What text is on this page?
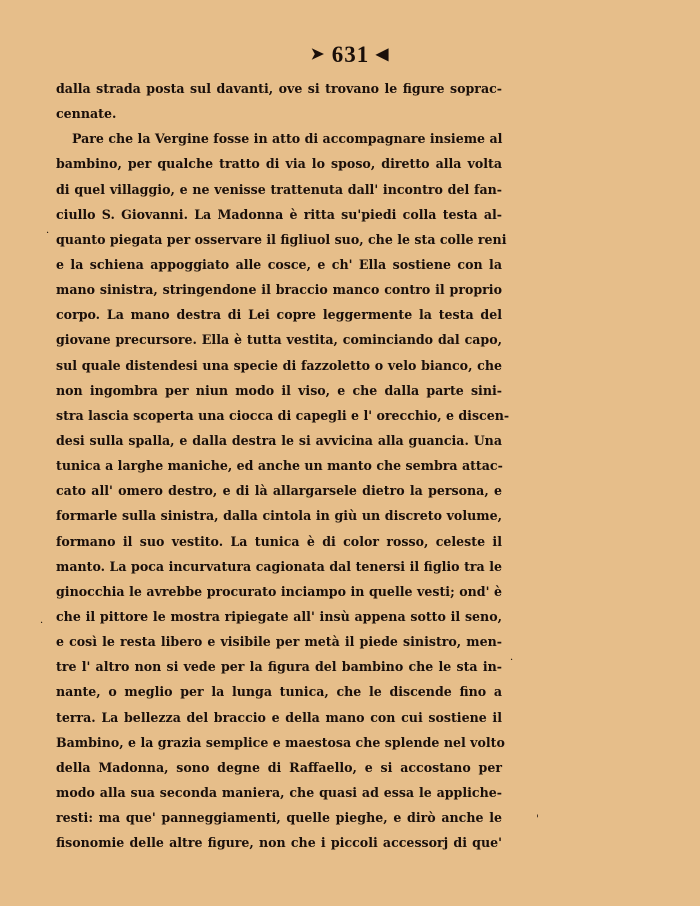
➤ 631 ◀
dalla strada posta sul davanti, ove si trovano le figure soprac-
cennate.
Pare che la Vergine fosse in atto di accompagnare insieme al
bambino, per qualche tratto di via lo sposo, diretto alla volta
di quel villaggio, e ne venisse trattenuta dall' incontro del fan-
ciullo S. Giovanni. La Madonna è ritta su'piedi colla testa al-
quanto piegata per osservare il figliuol suo, che le sta colle reni
e la schiena appoggiato alle cosce, e ch' Ella sostiene con la
mano sinistra, stringendone il braccio manco contro il proprio
corpo. La mano destra di Lei copre leggermente la testa del
giovane precursore. Ella è tutta vestita, cominciando dal capo,
sul quale distendesi una specie di fazzoletto o velo bianco, che
non ingombra per niun modo il viso, e che dalla parte sini-
stra lascia scoperta una ciocca di capegli e l' orecchio, e discen-
desi sulla spalla, e dalla destra le si avvicina alla guancia. Una
tunica a larghe maniche, ed anche un manto che sembra attac-
cato all' omero destro, e di là allargarsele dietro la persona, e
formarle sulla sinistra, dalla cintola in giù un discreto volume,
formano il suo vestito. La tunica è di color rosso, celeste il
manto. La poca incurvatura cagionata dal tenersi il figlio tra le
ginocchia le avrebbe procurato inciampo in quelle vesti; ond' è
che il pittore le mostra ripiegate all' insù appena sotto il seno,
e così le resta libero e visibile per metà il piede sinistro, men-
tre l' altro non si vede per la figura del bambino che le sta in-
nante, o meglio per la lunga tunica, che le discende fino a
terra. La bellezza del braccio e della mano con cui sostiene il
Bambino, e la grazia semplice e maestosa che splende nel volto
della Madonna, sono degne di Raffaello, e si accostano per
modo alla sua seconda maniera, che quasi ad essa le appliche-
resti: ma que' panneggiamenti, quelle pieghe, e dirò anche le
fisonomie delle altre figure, non che i piccoli accessorj di que'
·
·
·
'
